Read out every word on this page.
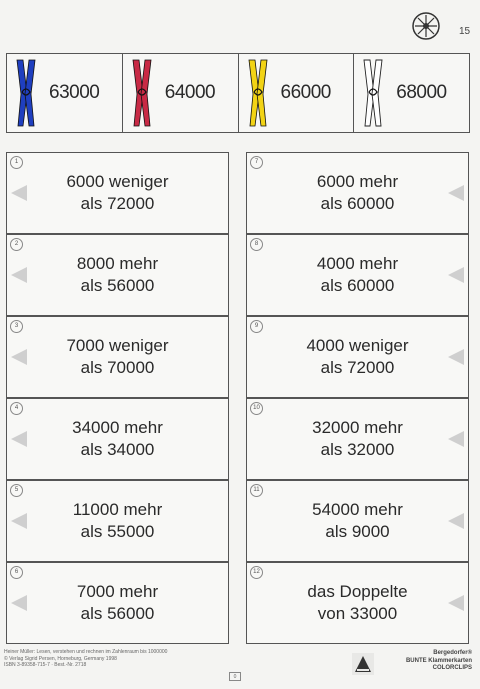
15
63000	64000	66000	68000
1
6000 weniger
als 72000
2
8000 mehr
als 56000
3
7000 weniger
als 70000
4
34000 mehr
als 34000
5
11000 mehr
als 55000
6
7000 mehr
als 56000
7
6000 mehr
als 60000
8
4000 mehr
als 60000
9
4000 weniger
als 72000
10
32000 mehr
als 32000
11
54000 mehr
als 9000
12
das Doppelte
von 33000
Heiner Müller: Lesen, verstehen und rechnen im Zahlenraum bis 1000000
© Verlag Sigrid Persen, Horneburg, Germany 1998
ISBN 3-89358-715-7 · Best.-Nr. 2718
0
Bergedorfer®
BUNTE Klammerkarten
COLORCLIPS
